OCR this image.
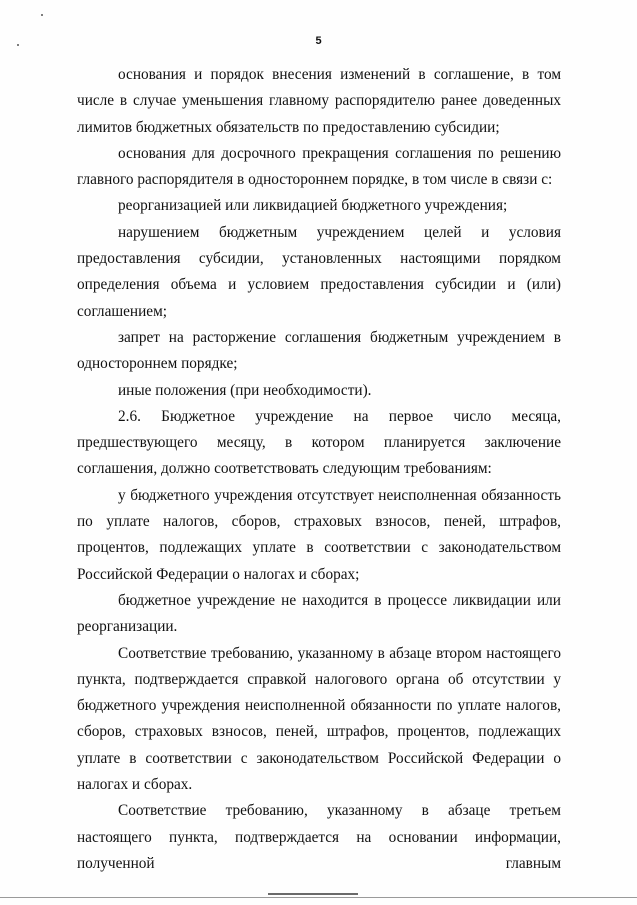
5

основания и порядок внесения изменений в соглашение, в том числе в случае уменьшения главному распорядителю ранее доведенных лимитов бюджетных обязательств по предоставлению субсидии;

основания для досрочного прекращения соглашения по решению главного распорядителя в одностороннем порядке, в том числе в связи с:

реорганизацией или ликвидацией бюджетного учреждения;

нарушением бюджетным учреждением целей и условия предоставления субсидии, установленных настоящими порядком определения объема и условием предоставления субсидии и (или) соглашением;

запрет на расторжение соглашения бюджетным учреждением в одностороннем порядке;

иные положения (при необходимости).

2.6. Бюджетное учреждение на первое число месяца, предшествующего месяцу, в котором планируется заключение соглашения, должно соответствовать следующим требованиям:

у бюджетного учреждения отсутствует неисполненная обязанность по уплате налогов, сборов, страховых взносов, пеней, штрафов, процентов, подлежащих уплате в соответствии с законодательством Российской Федерации о налогах и сборах;

бюджетное учреждение не находится в процессе ликвидации или реорганизации.

Соответствие требованию, указанному в абзаце втором настоящего пункта, подтверждается справкой налогового органа об отсутствии у бюджетного учреждения неисполненной обязанности по уплате налогов, сборов, страховых взносов, пеней, штрафов, процентов, подлежащих уплате в соответствии с законодательством Российской Федерации о налогах и сборах.

Соответствие требованию, указанному в абзаце третьем настоящего пункта, подтверждается на основании информации, полученной главным
